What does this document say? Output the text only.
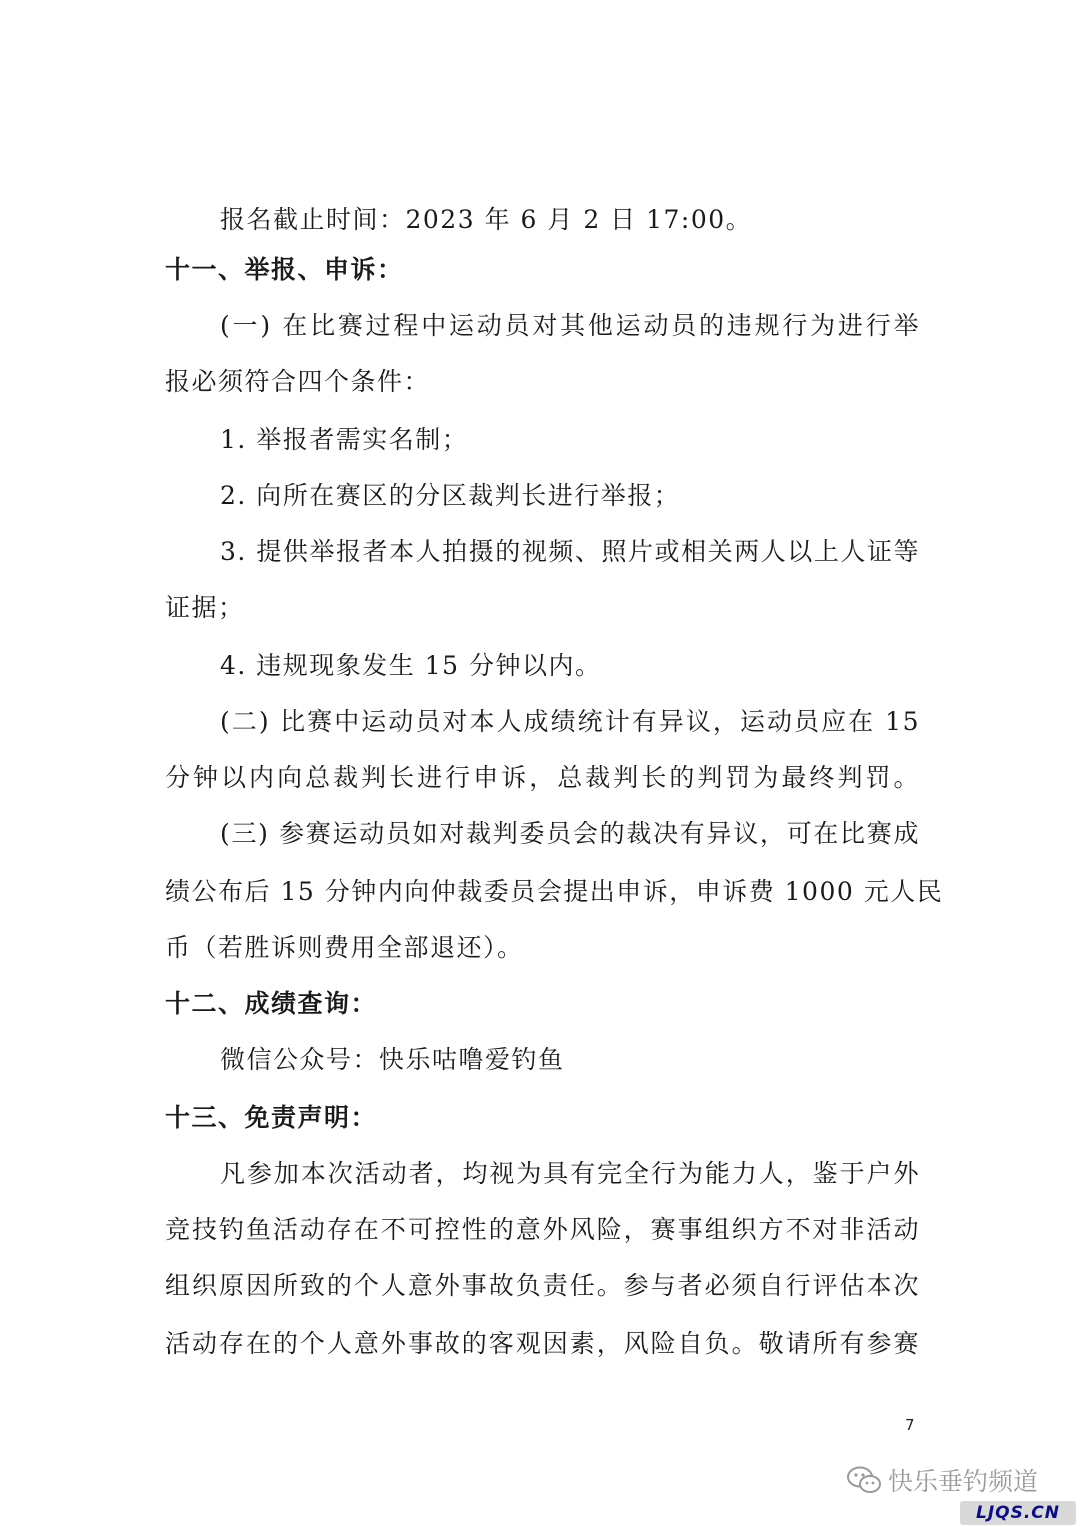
报名截止时间：2023 年 6 月 2 日 17:00。
十一、举报、申诉：
(一) 在比赛过程中运动员对其他运动员的违规行为进行举
报必须符合四个条件：
1. 举报者需实名制；
2. 向所在赛区的分区裁判长进行举报；
3. 提供举报者本人拍摄的视频、照片或相关两人以上人证等
证据；
4. 违规现象发生 15 分钟以内。
(二) 比赛中运动员对本人成绩统计有异议，运动员应在 15
分钟以内向总裁判长进行申诉，总裁判长的判罚为最终判罚。
(三) 参赛运动员如对裁判委员会的裁决有异议，可在比赛成
绩公布后 15 分钟内向仲裁委员会提出申诉，申诉费 1000 元人民
币（若胜诉则费用全部退还）。
十二、成绩查询：
微信公众号：快乐咕噜爱钓鱼
十三、免责声明：
凡参加本次活动者，均视为具有完全行为能力人，鉴于户外
竞技钓鱼活动存在不可控性的意外风险，赛事组织方不对非活动
组织原因所致的个人意外事故负责任。参与者必须自行评估本次
活动存在的个人意外事故的客观因素，风险自负。敬请所有参赛
7
快乐垂钓频道
LJQS.CN
